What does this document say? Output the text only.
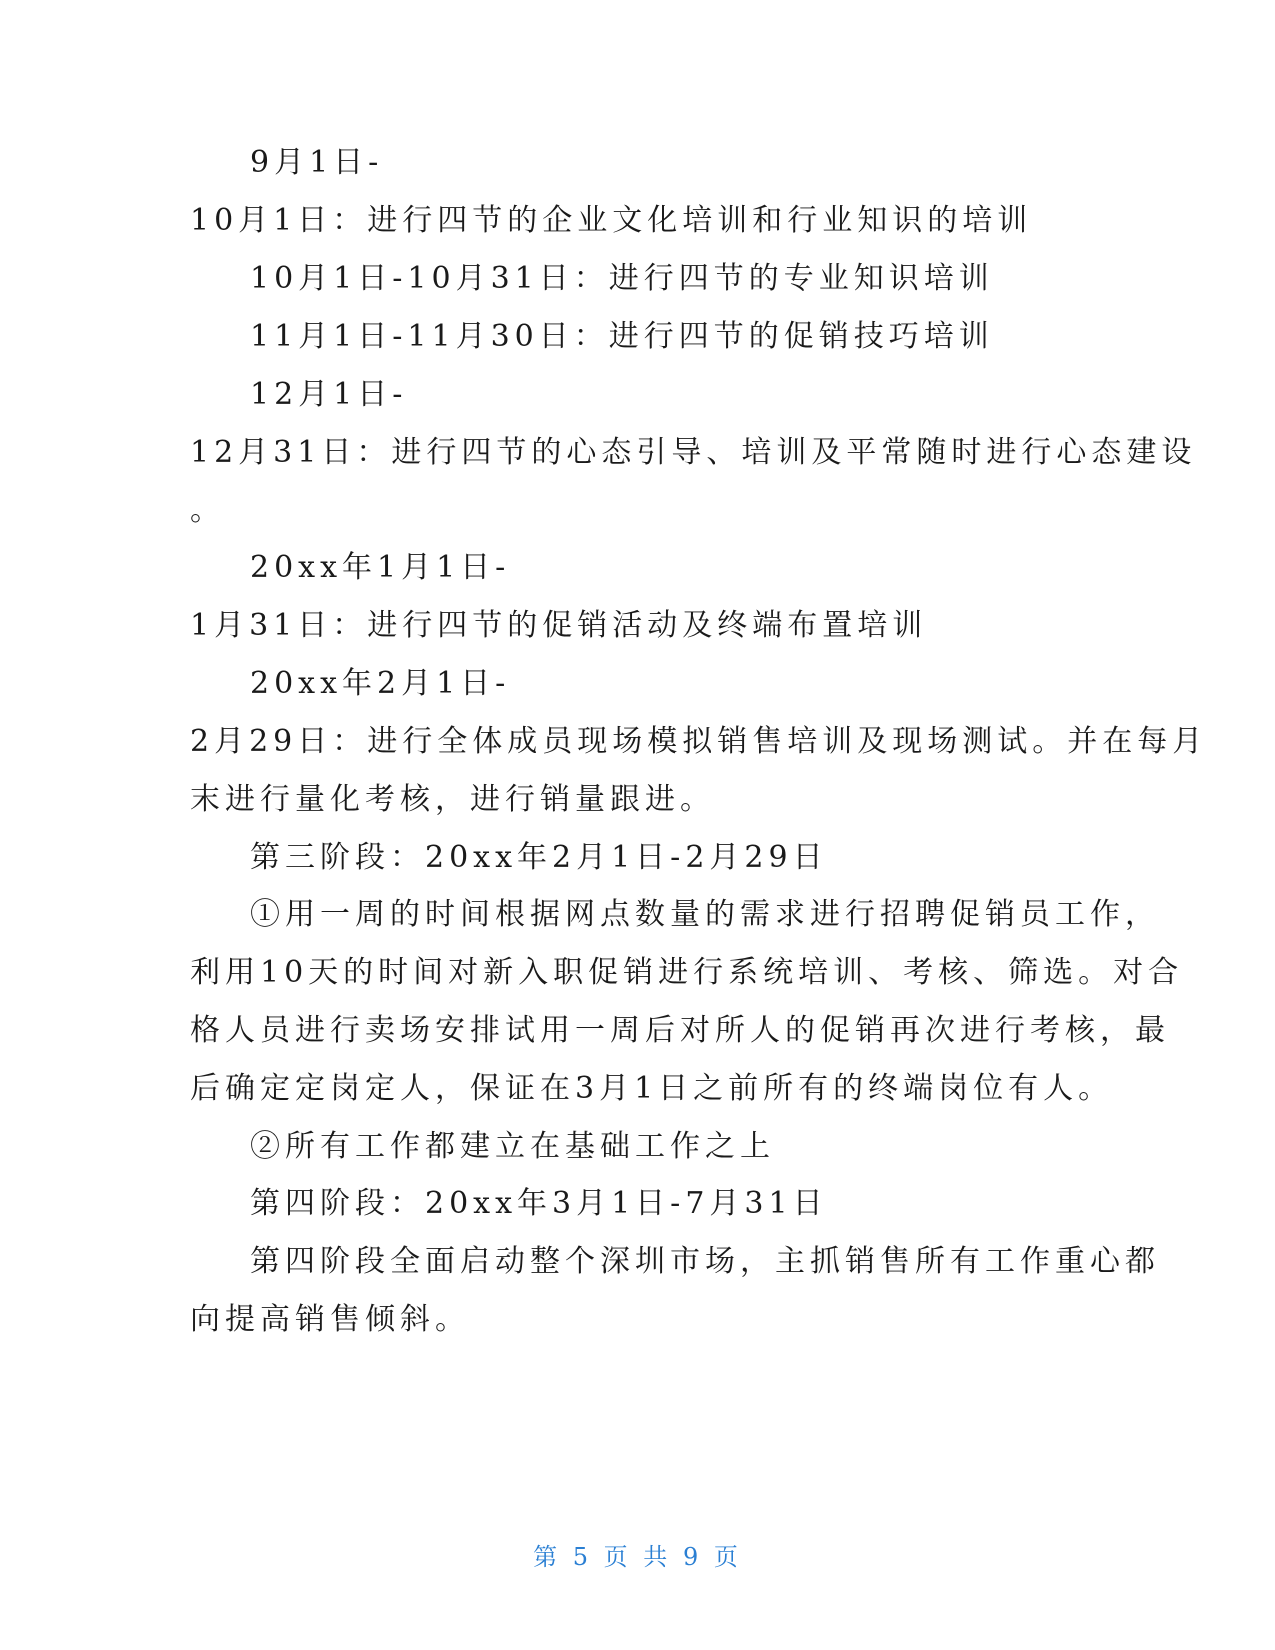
9月1日-
10月1日：进行四节的企业文化培训和行业知识的培训
10月1日-10月31日：进行四节的专业知识培训
11月1日-11月30日：进行四节的促销技巧培训
12月1日-
12月31日：进行四节的心态引导、培训及平常随时进行心态建设
。
20xx年1月1日-
1月31日：进行四节的促销活动及终端布置培训
20xx年2月1日-
2月29日：进行全体成员现场模拟销售培训及现场测试。并在每月
末进行量化考核，进行销量跟进。
第三阶段：20xx年2月1日-2月29日
①用一周的时间根据网点数量的需求进行招聘促销员工作，
利用10天的时间对新入职促销进行系统培训、考核、筛选。对合
格人员进行卖场安排试用一周后对所人的促销再次进行考核，最
后确定定岗定人，保证在3月1日之前所有的终端岗位有人。
②所有工作都建立在基础工作之上
第四阶段：20xx年3月1日-7月31日
第四阶段全面启动整个深圳市场，主抓销售所有工作重心都
向提高销售倾斜。
第 5 页 共 9 页
